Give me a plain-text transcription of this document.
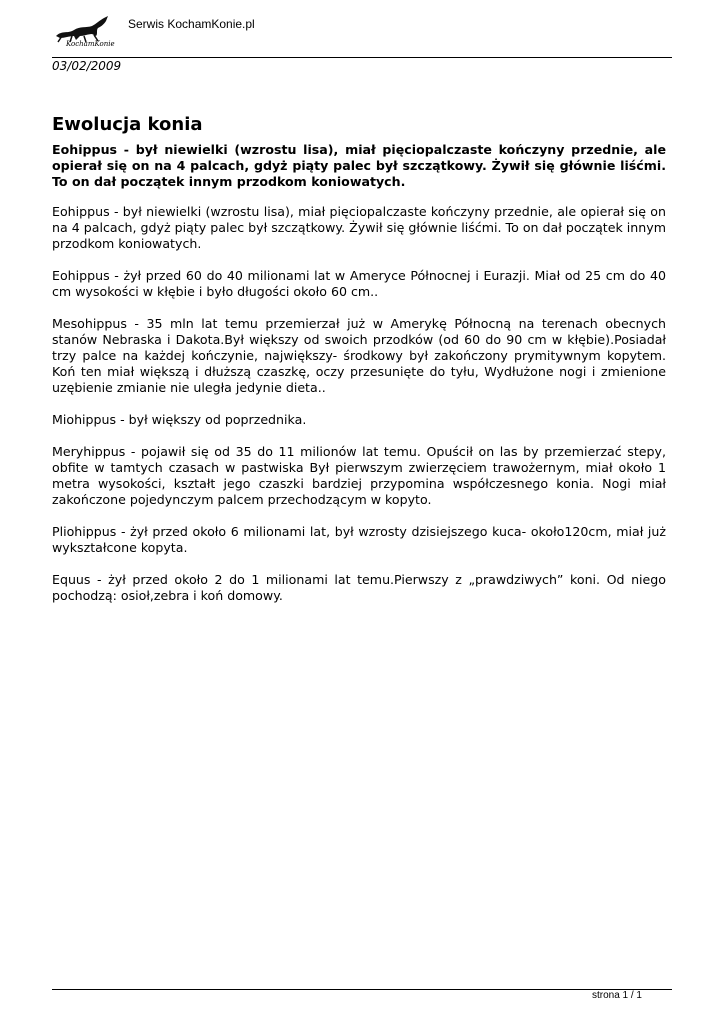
KochamKonie
Serwis KochamKonie.pl
03/02/2009
Ewolucja konia

Eohippus - był niewielki (wzrostu lisa), miał pięciopalczaste kończyny przednie, ale opierał się on na 4 palcach, gdyż piąty palec był szczątkowy. Żywił się głównie liśćmi. To on dał początek innym przodkom koniowatych.

Eohippus - był niewielki (wzrostu lisa), miał pięciopalczaste kończyny przednie, ale opierał się on na 4 palcach, gdyż piąty palec był szczątkowy. Żywił się głównie liśćmi. To on dał początek innym przodkom koniowatych.

Eohippus - żył przed 60 do 40 milionami lat w Ameryce Północnej i Eurazji. Miał od 25 cm do 40 cm wysokości w kłębie i było długości około 60 cm..

Mesohippus - 35 mln lat temu przemierzał już w Amerykę Północną na terenach obecnych stanów Nebraska i Dakota.Był większy od swoich przodków (od 60 do 90 cm w kłębie).Posiadał trzy palce na każdej kończynie, największy- środkowy był zakończony prymitywnym kopytem. Koń ten miał większą i dłuższą czaszkę, oczy przesunięte do tyłu, Wydłużone nogi i zmienione uzębienie zmianie nie uległa jedynie dieta..

Miohippus - był większy od poprzednika.

Meryhippus - pojawił się od 35 do 11 milionów lat temu. Opuścił on las by przemierzać stepy, obfite w tamtych czasach w pastwiska Był pierwszym zwierzęciem trawożernym, miał około 1 metra wysokości, kształt jego czaszki bardziej przypomina współczesnego konia. Nogi miał zakończone pojedynczym palcem przechodzącym w kopyto.

Pliohippus - żył przed około 6 milionami lat, był wzrosty dzisiejszego kuca- około120cm, miał już wykształcone kopyta.

Equus - żył przed około 2 do 1 milionami lat temu.Pierwszy z „prawdziwych” koni. Od niego pochodzą: osioł,zebra i koń domowy.

strona 1 / 1
